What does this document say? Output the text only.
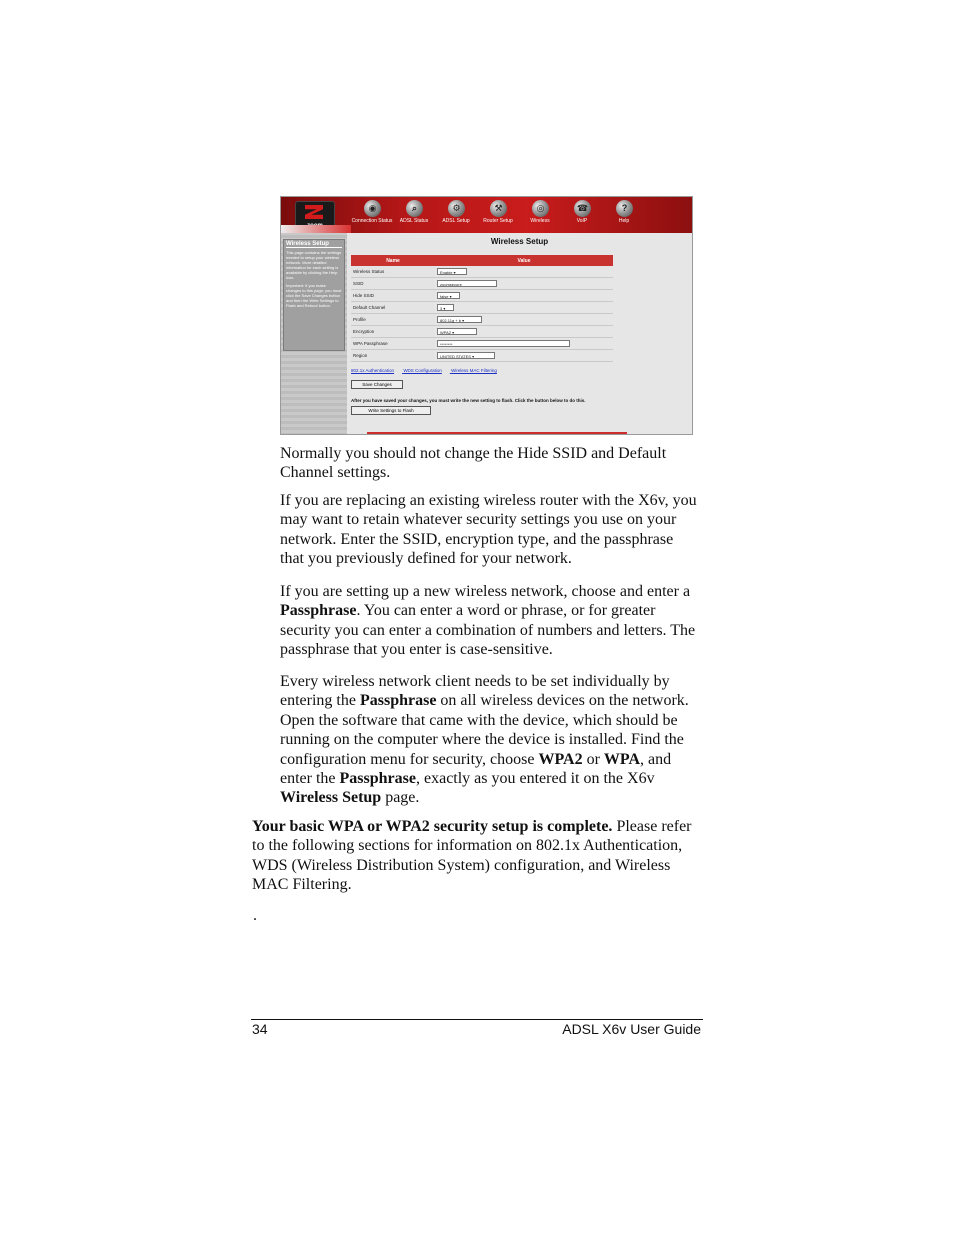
◉
Connection Status
⌕
ADSL Status
⚙
ADSL Setup
⚒
Router Setup
◎
Wireless
☎
VoIP
?
Help
Wireless Setup
This page contains the settings needed to setup your wireless network. More detailed information for each setting is available by clicking the Help icon.
Important: If you make changes to this page, you must click the Save Changes button and then the Write Settings to Flash and Reboot button.
Wireless Setup
Name	Value
Wireless Status	Enable ▾
SSID	zoomsecure
Hide SSID	false ▾
Default Channel	3 ▾
Profile	802.11g + b ▾
Encryption	WPA2 ▾
WPA Passphrase	********
Region	UNITED STATES ▾
802.1x Authentication WDS Configuration Wireless MAC Filtering
Save Changes
After you have saved your changes, you must write the new setting to flash. Click the button below to do this.
Write Settings to Flash

Normally you should not change the Hide SSID and Default Channel settings.

If you are replacing an existing wireless router with the X6v, you may want to retain whatever security settings you use on your network. Enter the SSID, encryption type, and the passphrase that you previously defined for your network.

If you are setting up a new wireless network, choose and enter a Passphrase. You can enter a word or phrase, or for greater security you can enter a combination of numbers and letters. The passphrase that you enter is case-sensitive.

Every wireless network client needs to be set individually by entering the Passphrase on all wireless devices on the network. Open the software that came with the device, which should be running on the computer where the device is installed. Find the configuration menu for security, choose WPA2 or WPA, and enter the Passphrase, exactly as you entered it on the X6v Wireless Setup page.

Your basic WPA or WPA2 security setup is complete. Please refer to the following sections for information on 802.1x Authentication, WDS (Wireless Distribution System) configuration, and Wireless MAC Filtering.

.

34	ADSL X6v User Guide
